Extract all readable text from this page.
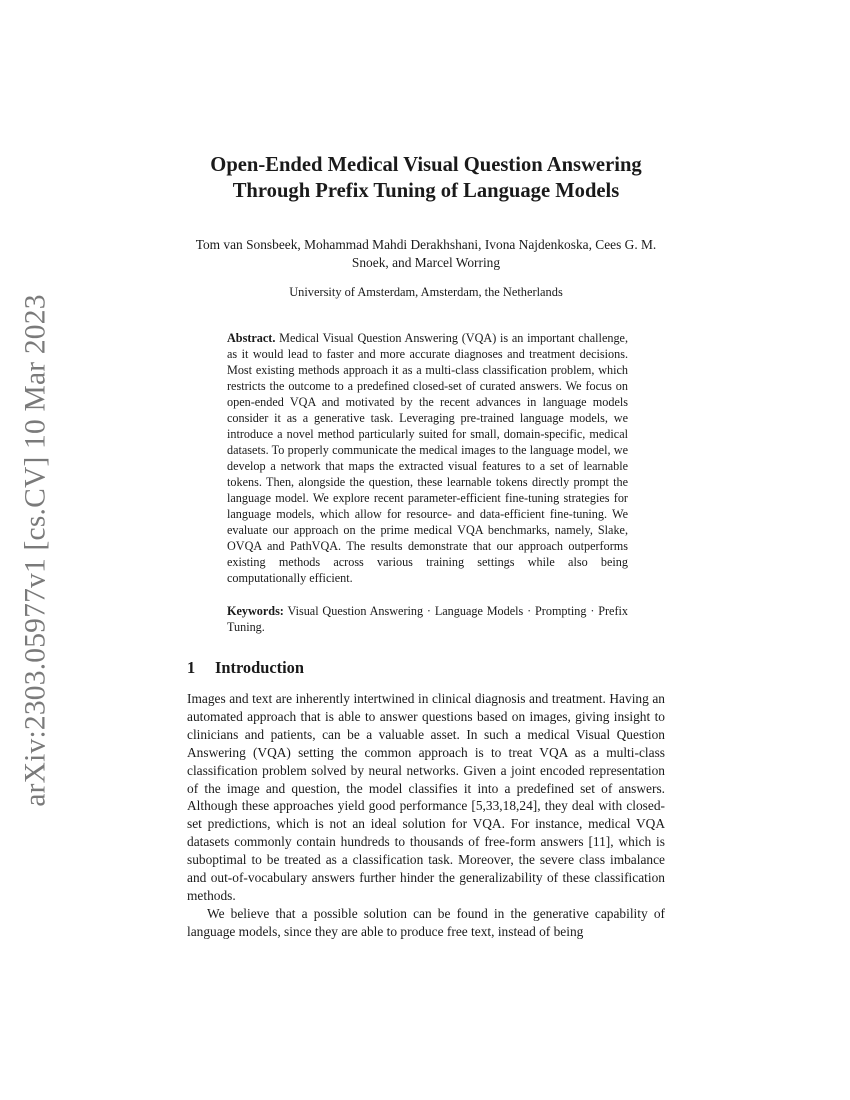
arXiv:2303.05977v1 [cs.CV] 10 Mar 2023
Open-Ended Medical Visual Question Answering Through Prefix Tuning of Language Models
Tom van Sonsbeek, Mohammad Mahdi Derakhshani, Ivona Najdenkoska, Cees G. M. Snoek, and Marcel Worring
University of Amsterdam, Amsterdam, the Netherlands
Abstract. Medical Visual Question Answering (VQA) is an important challenge, as it would lead to faster and more accurate diagnoses and treatment decisions. Most existing methods approach it as a multi-class classification problem, which restricts the outcome to a predefined closed-set of curated answers. We focus on open-ended VQA and motivated by the recent advances in language models consider it as a generative task. Leveraging pre-trained language models, we introduce a novel method particularly suited for small, domain-specific, medical datasets. To properly communicate the medical images to the language model, we develop a network that maps the extracted visual features to a set of learnable tokens. Then, alongside the question, these learnable tokens directly prompt the language model. We explore recent parameter-efficient fine-tuning strategies for language models, which allow for resource- and data-efficient fine-tuning. We evaluate our approach on the prime medical VQA benchmarks, namely, Slake, OVQA and PathVQA. The results demonstrate that our approach outperforms existing methods across various training settings while also being computationally efficient.
Keywords: Visual Question Answering · Language Models · Prompting · Prefix Tuning.
1	Introduction

Images and text are inherently intertwined in clinical diagnosis and treatment. Having an automated approach that is able to answer questions based on images, giving insight to clinicians and patients, can be a valuable asset. In such a medical Visual Question Answering (VQA) setting the common approach is to treat VQA as a multi-class classification problem solved by neural networks. Given a joint encoded representation of the image and question, the model classifies it into a predefined set of answers. Although these approaches yield good performance [5,33,18,24], they deal with closed-set predictions, which is not an ideal solution for VQA. For instance, medical VQA datasets commonly contain hundreds to thousands of free-form answers [11], which is suboptimal to be treated as a classification task. Moreover, the severe class imbalance and out-of-vocabulary answers further hinder the generalizability of these classification methods.

We believe that a possible solution can be found in the generative capability of language models, since they are able to produce free text, instead of being
